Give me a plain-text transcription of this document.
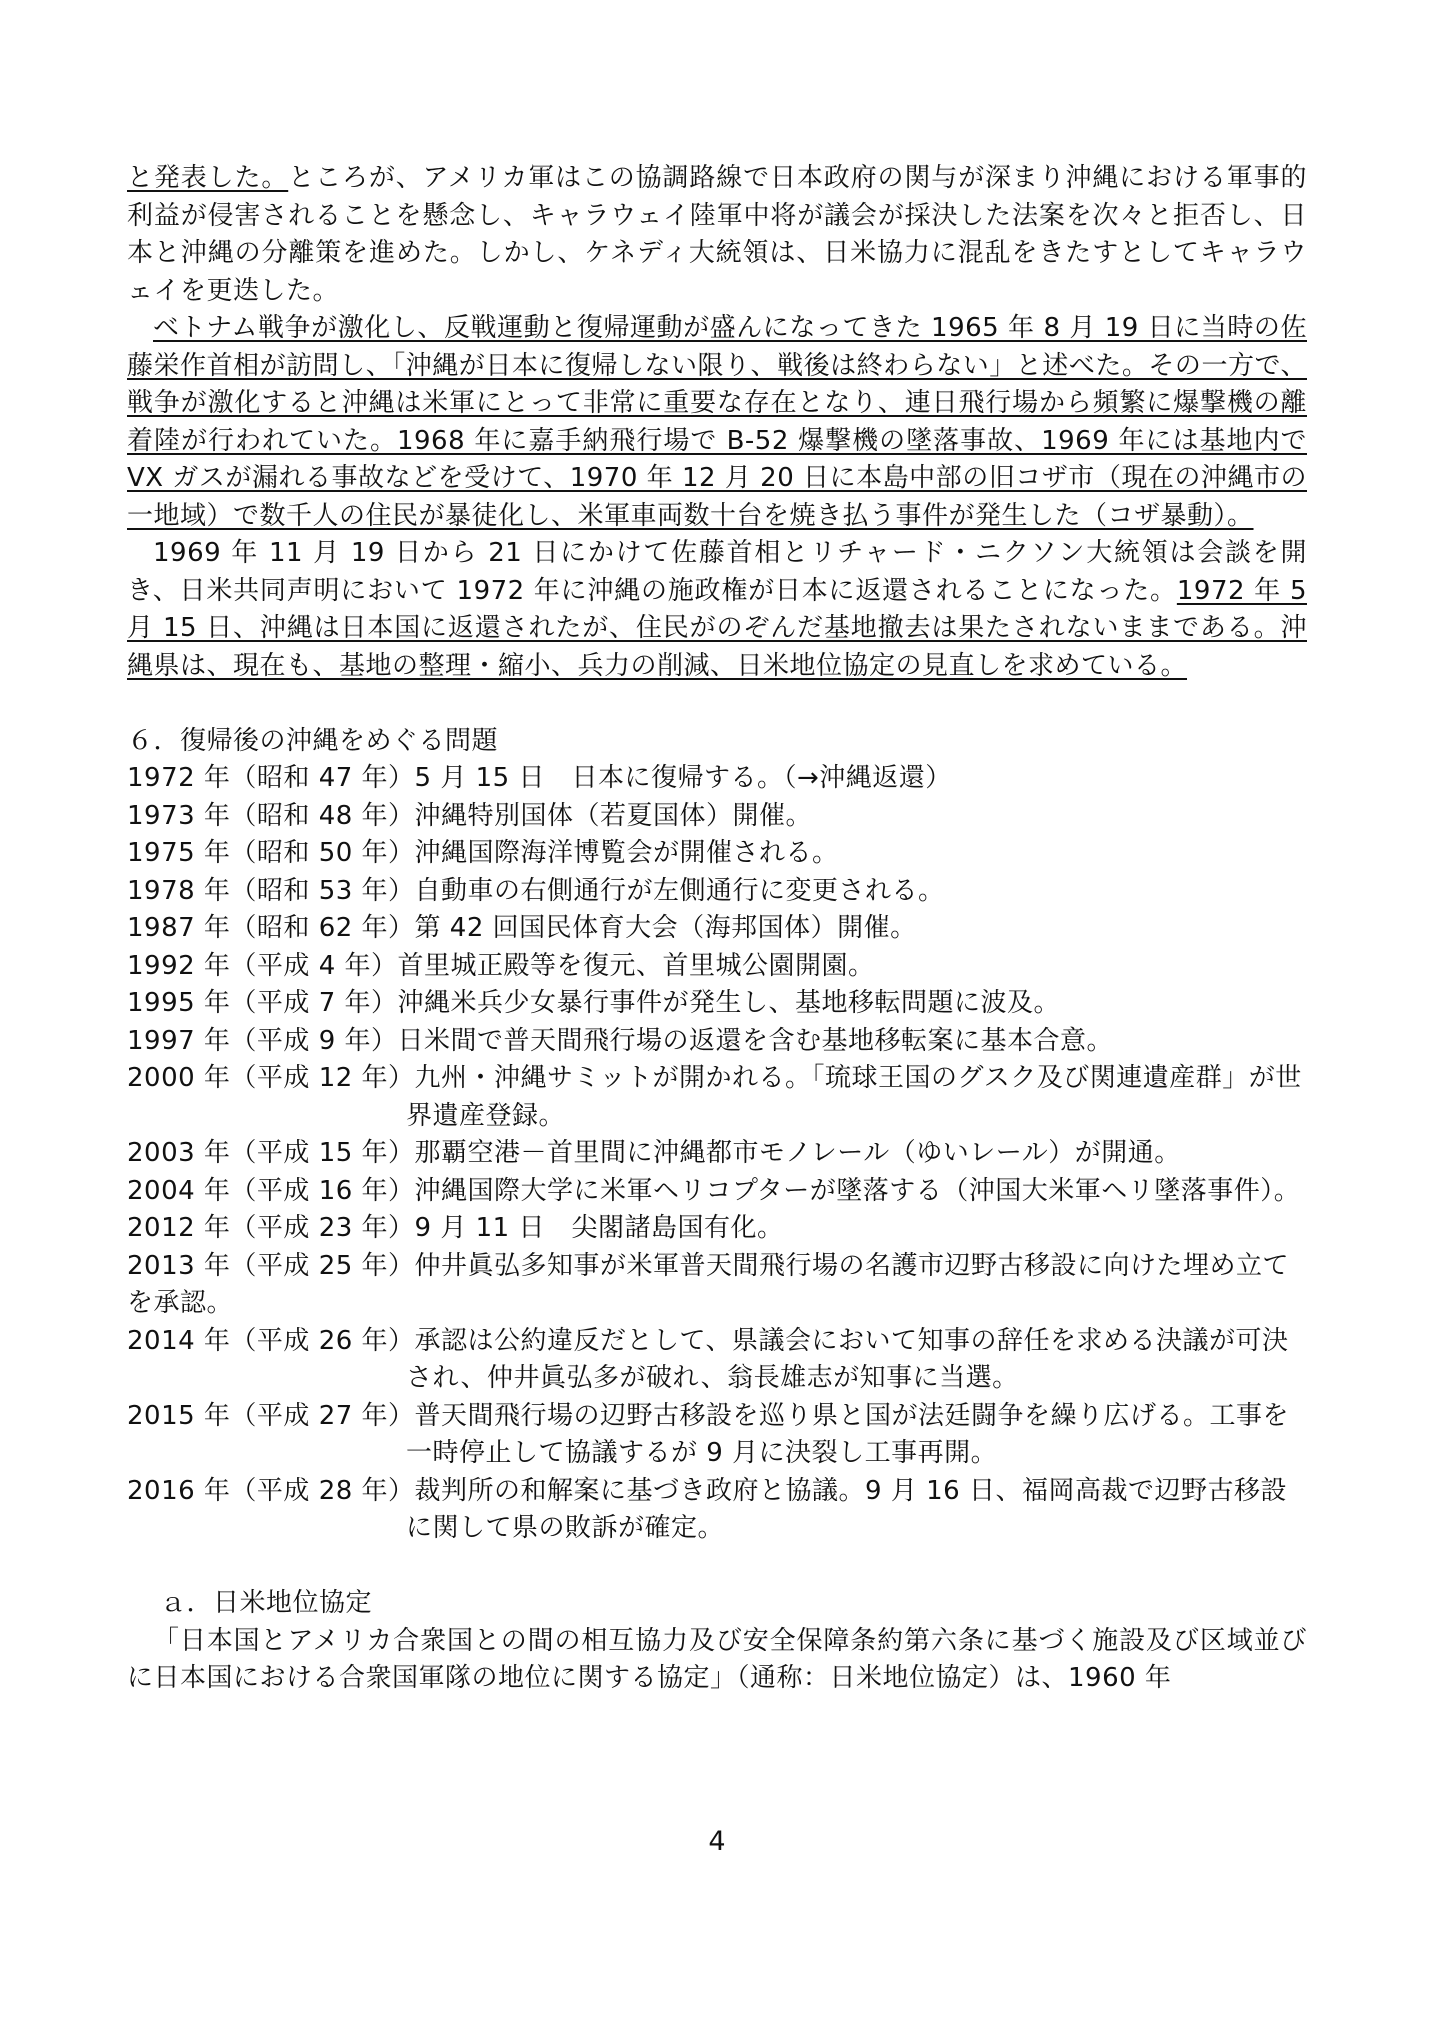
と発表した。ところが、アメリカ軍はこの協調路線で日本政府の関与が深まり沖縄における軍事的利益が侵害されることを懸念し、キャラウェイ陸軍中将が議会が採決した法案を次々と拒否し、日本と沖縄の分離策を進めた。しかし、ケネディ大統領は、日米協力に混乱をきたすとしてキャラウェイを更迭した。

ベトナム戦争が激化し、反戦運動と復帰運動が盛んになってきた 1965 年 8 月 19 日に当時の佐藤栄作首相が訪問し、「沖縄が日本に復帰しない限り、戦後は終わらない」と述べた。その一方で、戦争が激化すると沖縄は米軍にとって非常に重要な存在となり、連日飛行場から頻繁に爆撃機の離着陸が行われていた。1968 年に嘉手納飛行場で B-52 爆撃機の墜落事故、1969 年には基地内で VX ガスが漏れる事故などを受けて、1970 年 12 月 20 日に本島中部の旧コザ市（現在の沖縄市の一地域）で数千人の住民が暴徒化し、米軍車両数十台を焼き払う事件が発生した（コザ暴動）。

1969 年 11 月 19 日から 21 日にかけて佐藤首相とリチャード・ニクソン大統領は会談を開き、日米共同声明において 1972 年に沖縄の施政権が日本に返還されることになった。1972 年 5 月 15 日、沖縄は日本国に返還されたが、住民がのぞんだ基地撤去は果たされないままである。沖縄県は、現在も、基地の整理・縮小、兵力の削減、日米地位協定の見直しを求めている。

６．復帰後の沖縄をめぐる問題

1972 年（昭和 47 年）5 月 15 日　日本に復帰する。（→沖縄返還）

1973 年（昭和 48 年）沖縄特別国体（若夏国体）開催。

1975 年（昭和 50 年）沖縄国際海洋博覧会が開催される。

1978 年（昭和 53 年）自動車の右側通行が左側通行に変更される。

1987 年（昭和 62 年）第 42 回国民体育大会（海邦国体）開催。

1992 年（平成 4 年）首里城正殿等を復元、首里城公園開園。

1995 年（平成 7 年）沖縄米兵少女暴行事件が発生し、基地移転問題に波及。

1997 年（平成 9 年）日米間で普天間飛行場の返還を含む基地移転案に基本合意。

2000 年（平成 12 年）九州・沖縄サミットが開かれる。「琉球王国のグスク及び関連遺産群」が世界遺産登録。

2003 年（平成 15 年）那覇空港－首里間に沖縄都市モノレール（ゆいレール）が開通。

2004 年（平成 16 年）沖縄国際大学に米軍ヘリコプターが墜落する（沖国大米軍ヘリ墜落事件）。

2012 年（平成 23 年）9 月 11 日　尖閣諸島国有化。

2013 年（平成 25 年）仲井眞弘多知事が米軍普天間飛行場の名護市辺野古移設に向けた埋め立てを承認。

2014 年（平成 26 年）承認は公約違反だとして、県議会において知事の辞任を求める決議が可決され、仲井眞弘多が破れ、翁長雄志が知事に当選。

2015 年（平成 27 年）普天間飛行場の辺野古移設を巡り県と国が法廷闘争を繰り広げる。工事を一時停止して協議するが 9 月に決裂し工事再開。

2016 年（平成 28 年）裁判所の和解案に基づき政府と協議。9 月 16 日、福岡高裁で辺野古移設に関して県の敗訴が確定。

ａ．日米地位協定

「日本国とアメリカ合衆国との間の相互協力及び安全保障条約第六条に基づく施設及び区域並びに日本国における合衆国軍隊の地位に関する協定」（通称：日米地位協定）は、1960 年

4
